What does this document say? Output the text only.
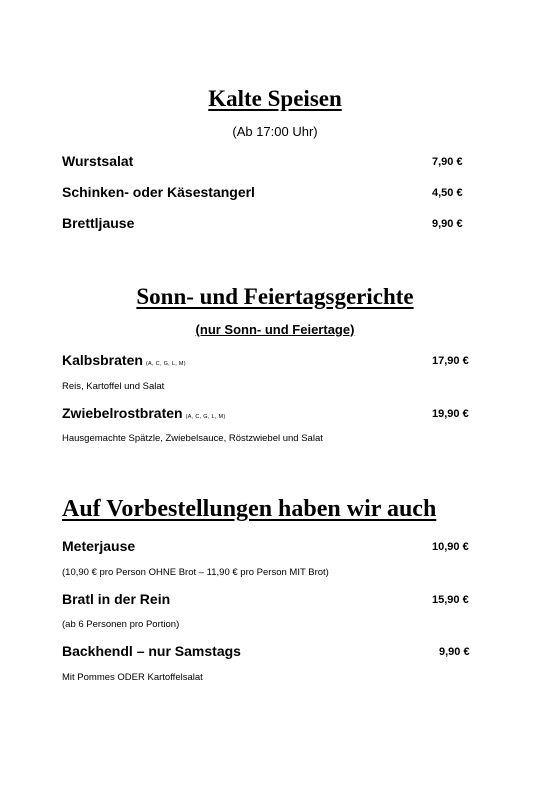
Kalte Speisen
(Ab 17:00 Uhr)
Wurstsalat	7,90 €
Schinken- oder Käsestangerl	4,50 €
Brettljause	9,90 €
Sonn- und Feiertagsgerichte
(nur Sonn- und Feiertage)
Kalbsbraten (A, C, G, L, M)	17,90 €
Reis, Kartoffel und Salat
Zwiebelrostbraten (A, C, G, L, M)	19,90 €
Hausgemachte Spätzle, Zwiebelsauce, Röstzwiebel und Salat
Auf Vorbestellungen haben wir auch
Meterjause	10,90 €
(10,90 € pro Person OHNE Brot – 11,90 € pro Person MIT Brot)
Bratl in der Rein	15,90 €
(ab 6 Personen pro Portion)
Backhendl – nur Samstags	9,90 €
Mit Pommes ODER Kartoffelsalat
